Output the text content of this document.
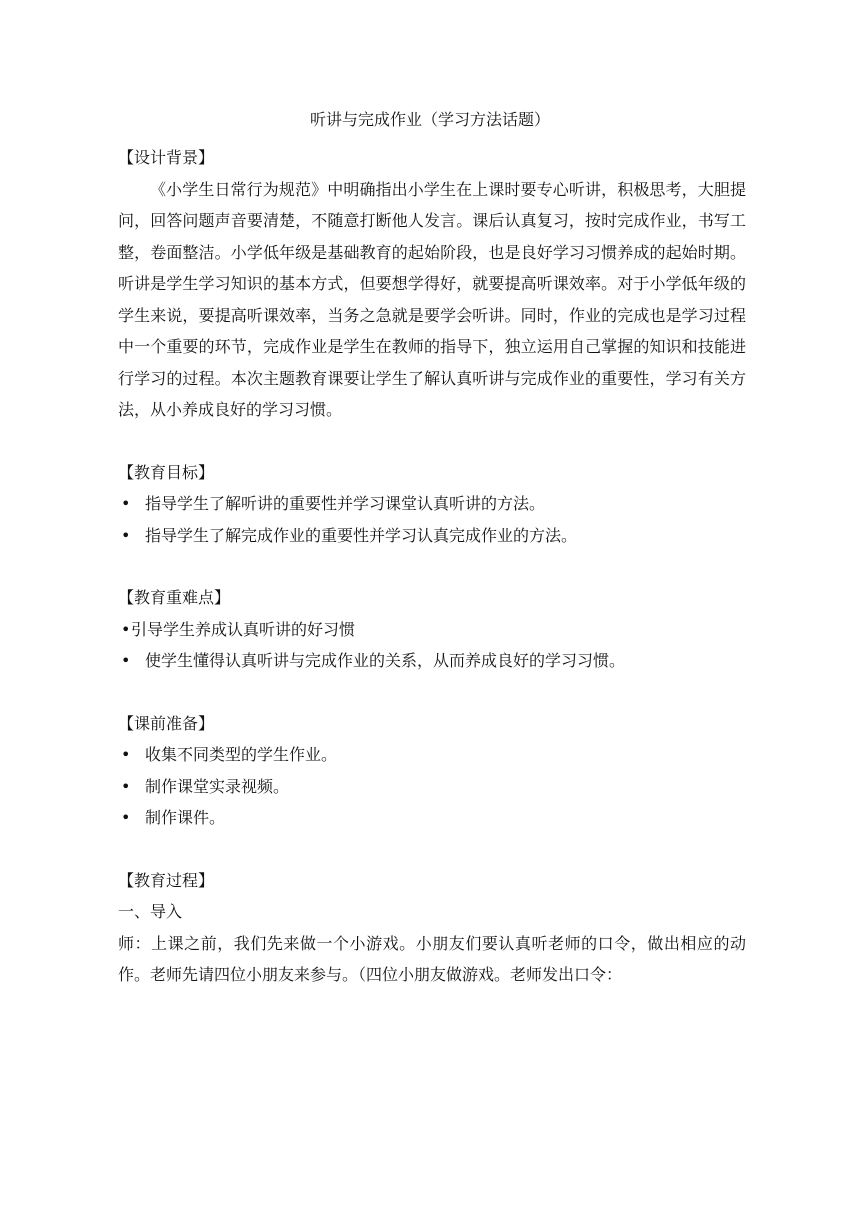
听讲与完成作业（学习方法话题）

【设计背景】

《小学生日常行为规范》中明确指出小学生在上课时要专心听讲，积极思考，大胆提问，回答问题声音要清楚，不随意打断他人发言。课后认真复习，按时完成作业，书写工整，卷面整洁。小学低年级是基础教育的起始阶段，也是良好学习习惯养成的起始时期。听讲是学生学习知识的基本方式，但要想学得好，就要提高听课效率。对于小学低年级的学生来说，要提高听课效率，当务之急就是要学会听讲。同时，作业的完成也是学习过程中一个重要的环节，完成作业是学生在教师的指导下，独立运用自己掌握的知识和技能进行学习的过程。本次主题教育课要让学生了解认真听讲与完成作业的重要性，学习有关方法，从小养成良好的学习习惯。

【教育目标】

• 指导学生了解听讲的重要性并学习课堂认真听讲的方法。

• 指导学生了解完成作业的重要性并学习认真完成作业的方法。

【教育重难点】

• 引导学生养成认真听讲的好习惯

• 使学生懂得认真听讲与完成作业的关系，从而养成良好的学习习惯。

【课前准备】

• 收集不同类型的学生作业。

• 制作课堂实录视频。

• 制作课件。

【教育过程】

一、导入

师：上课之前，我们先来做一个小游戏。小朋友们要认真听老师的口令，做出相应的动作。老师先请四位小朋友来参与。（四位小朋友做游戏。老师发出口令：
